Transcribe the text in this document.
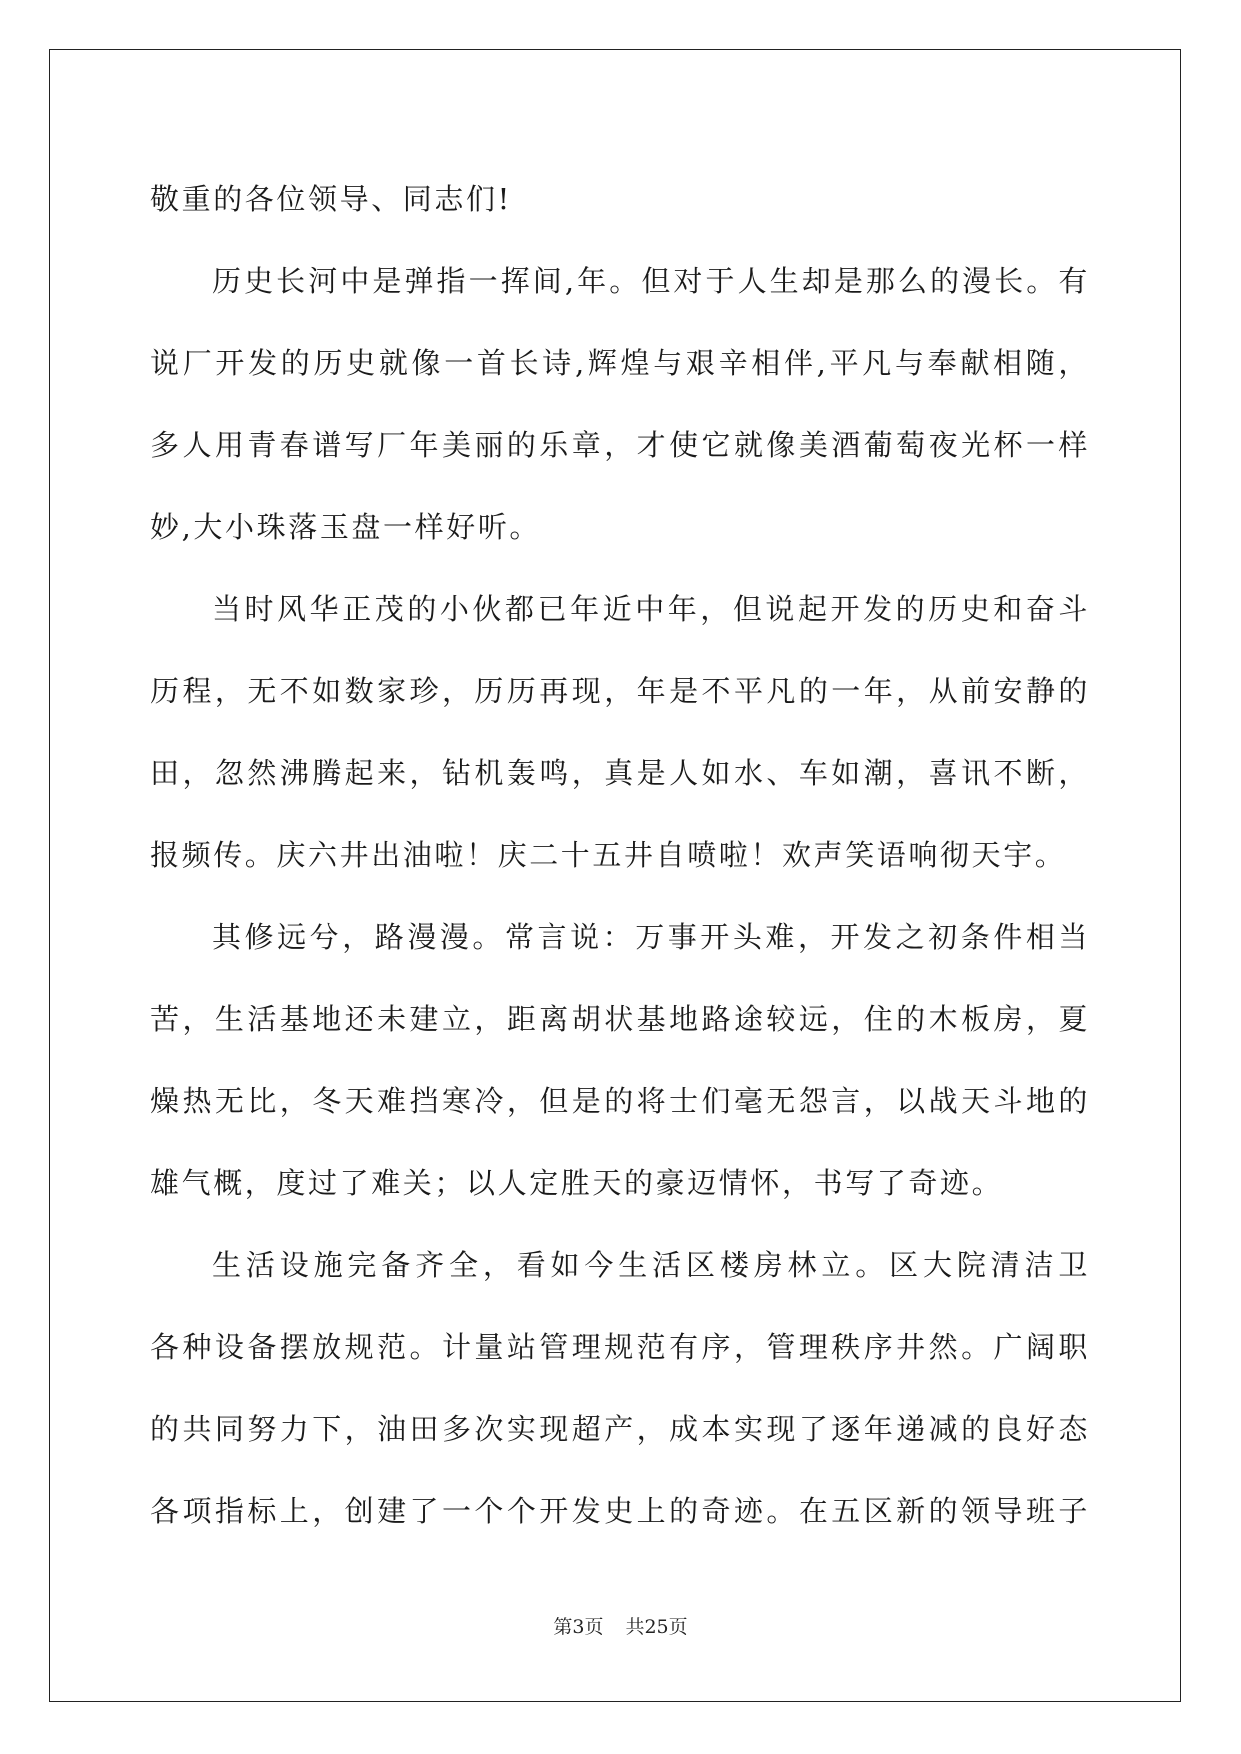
敬重的各位领导、同志们!
历史长河中是弹指一挥间,年。但对于人生却是那么的漫长。有
说厂开发的历史就像一首长诗,辉煌与艰辛相伴,平凡与奉献相随，
多人用青春谱写厂年美丽的乐章，才使它就像美酒葡萄夜光杯一样
妙,大小珠落玉盘一样好听。
当时风华正茂的小伙都已年近中年，但说起开发的历史和奋斗
历程，无不如数家珍，历历再现，年是不平凡的一年，从前安静的
田，忽然沸腾起来，钻机轰鸣，真是人如水、车如潮，喜讯不断，
报频传。庆六井出油啦！庆二十五井自喷啦！欢声笑语响彻天宇。
其修远兮，路漫漫。常言说：万事开头难，开发之初条件相当
苦，生活基地还未建立，距离胡状基地路途较远，住的木板房，夏
燥热无比，冬天难挡寒冷，但是的将士们毫无怨言，以战天斗地的
雄气概，度过了难关；以人定胜天的豪迈情怀，书写了奇迹。
生活设施完备齐全，看如今生活区楼房林立。区大院清洁卫
各种设备摆放规范。计量站管理规范有序，管理秩序井然。广阔职
的共同努力下，油田多次实现超产，成本实现了逐年递减的良好态
各项指标上，创建了一个个开发史上的奇迹。在五区新的领导班子
第3页 共25页
